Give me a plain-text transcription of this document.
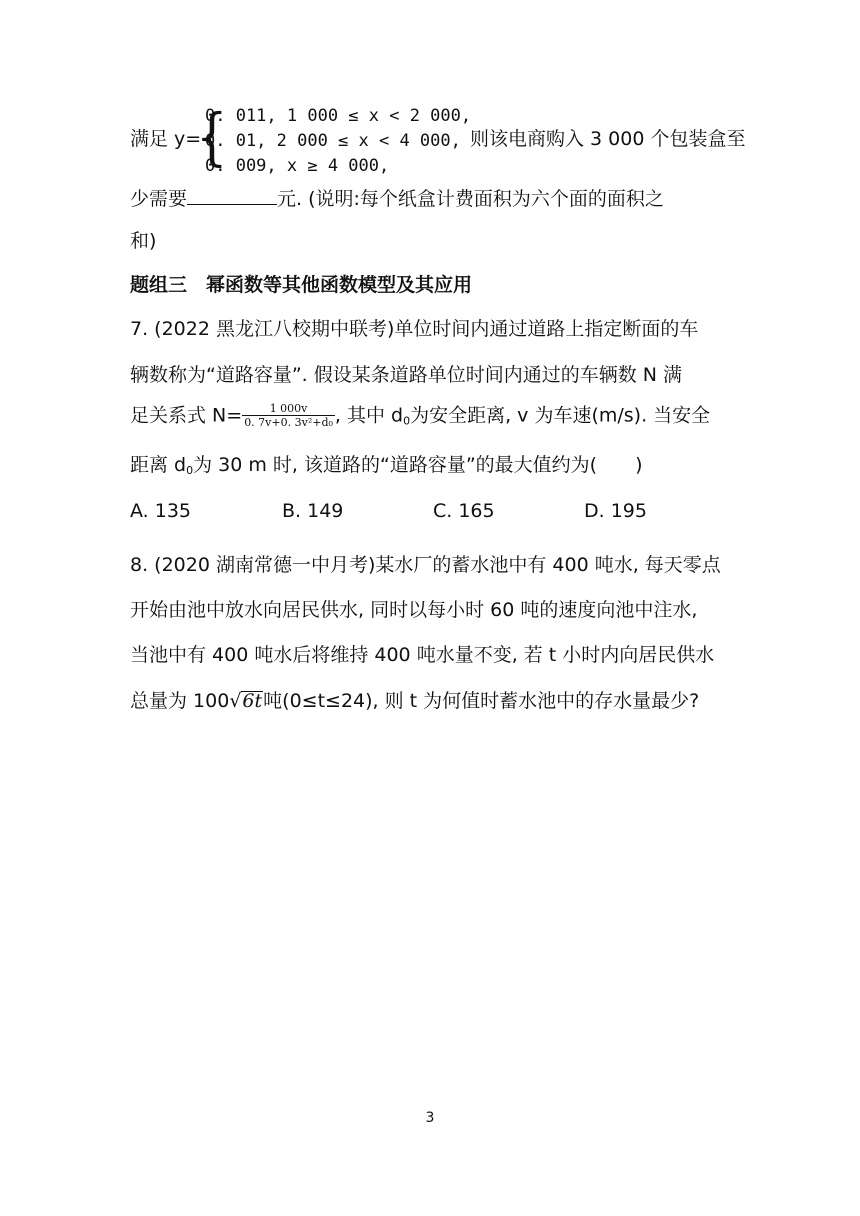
满足 y=
{
0. 011, 1 000 ≤ x < 2 000,
0. 01, 2 000 ≤ x < 4 000,
0. 009, x ≥ 4 000,
则该电商购入 3 000 个包装盒至
少需要	元. (说明:每个纸盒计费面积为六个面的面积之
和)
题组三　幂函数等其他函数模型及其应用
7. (2022 黑龙江八校期中联考)单位时间内通过道路上指定断面的车
辆数称为“道路容量”. 假设某条道路单位时间内通过的车辆数 N 满
足关系式 $N= \frac{1 000v}{\text{0. 7v+0. 3v²+d₀}}$ , 其中 $d_0$为安全距离, v 为车速(m/s). 当安全
距离 $d_0$为 30 m 时, 该道路的“道路容量”的最大值约为(　　)
A. 135	B. 149	C. 165	D. 195
8. (2020 湖南常德一中月考)某水厂的蓄水池中有 400 吨水, 每天零点
开始由池中放水向居民供水, 同时以每小时 60 吨的速度向池中注水,
当池中有 400 吨水后将维持 400 吨水量不变, 若 t 小时内向居民供水
总量为 100√6t吨(0≤t≤24), 则 t 为何值时蓄水池中的存水量最少?
3
